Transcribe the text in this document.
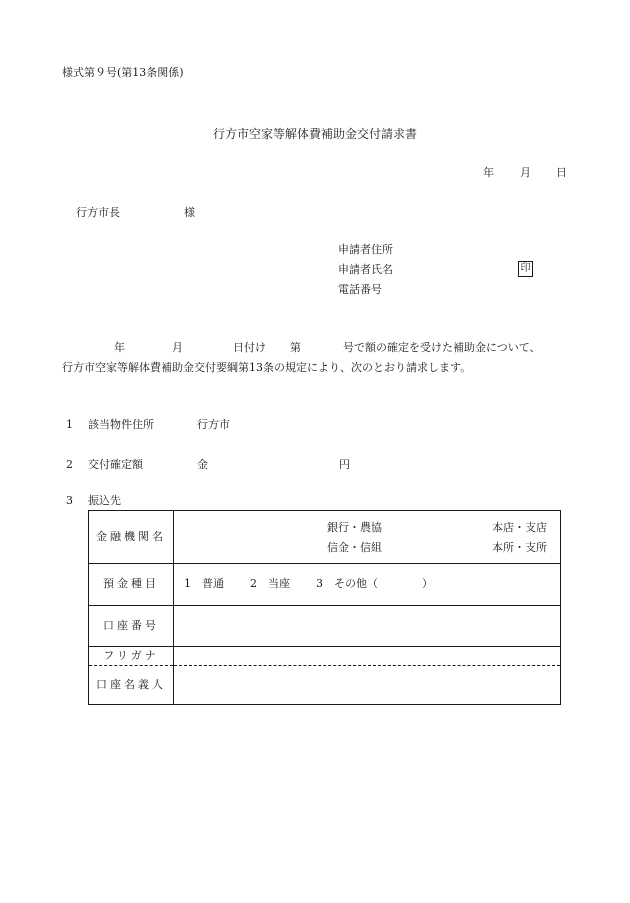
様式第９号(第13条関係)
行方市空家等解体費補助金交付請求書
年 月 日
行方市長	様
申請者住所
申請者氏名
電話番号
印
年	月	日付け 第	号で額の確定を受けた補助金について、
行方市空家等解体費補助金交付要綱第13条の規定により、次のとおり請求します。
1 該当物件住所	行方市
2 交付確定額	金	円
3 振込先
金融機関名	銀行・農協
信金・信組
本店・支店
本所・支所

預金種目	1　普通 　 2　当座 　 3　その他（　　　　）
口座番号	
フリガナ	
口座名義人	
